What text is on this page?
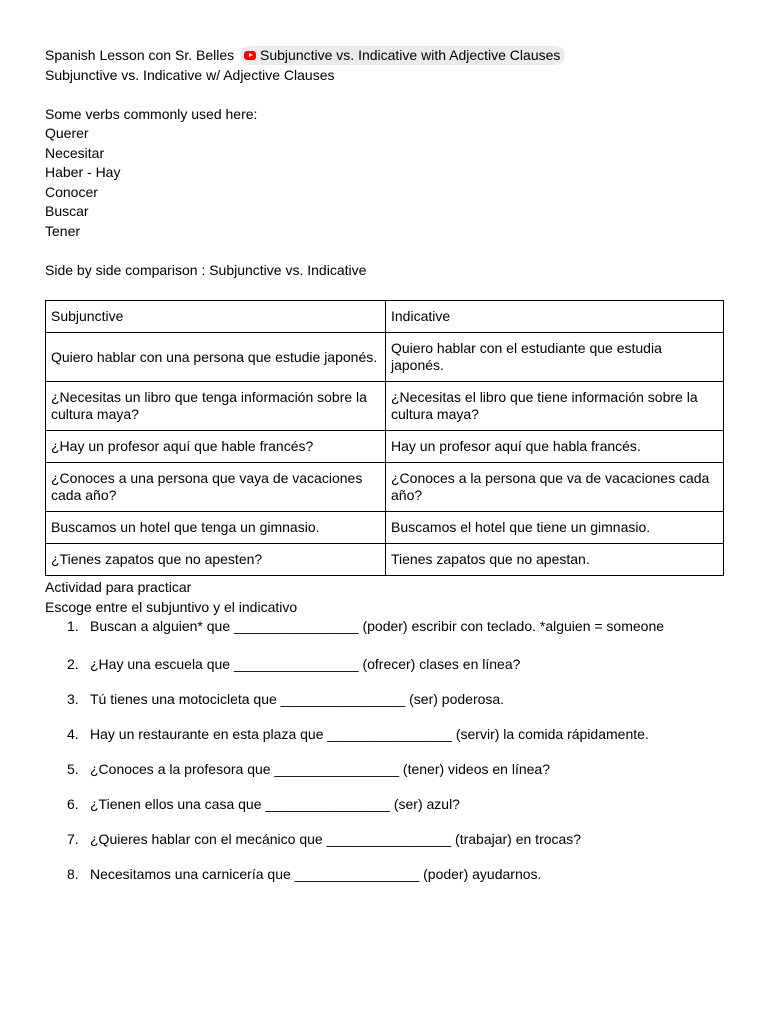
Spanish Lesson con Sr. Belles Subjunctive vs. Indicative with Adjective Clauses
Subjunctive vs. Indicative w/ Adjective Clauses
Some verbs commonly used here:
Querer
Necesitar
Haber - Hay
Conocer
Buscar
Tener
Side by side comparison : Subjunctive vs. Indicative
Subjunctive	Indicative
Quiero hablar con una persona que estudie japonés.	Quiero hablar con el estudiante que estudia japonés.
¿Necesitas un libro que tenga información sobre la cultura maya?	¿Necesitas el libro que tiene información sobre la cultura maya?
¿Hay un profesor aquí que hable francés?	Hay un profesor aquí que habla francés.
¿Conoces a una persona que vaya de vacaciones cada año?	¿Conoces a la persona que va de vacaciones cada año?
Buscamos un hotel que tenga un gimnasio.	Buscamos el hotel que tiene un gimnasio.
¿Tienes zapatos que no apesten?	Tienes zapatos que no apestan.
Actividad para practicar
Escoge entre el subjuntivo y el indicativo
1. Buscan a alguien* que ________________ (poder) escribir con teclado. *alguien = someone
2. ¿Hay una escuela que ________________ (ofrecer) clases en línea?
3. Tú tienes una motocicleta que ________________ (ser) poderosa.
4. Hay un restaurante en esta plaza que ________________ (servir) la comida rápidamente.
5. ¿Conoces a la profesora que ________________ (tener) videos en línea?
6. ¿Tienen ellos una casa que ________________ (ser) azul?
7. ¿Quieres hablar con el mecánico que ________________ (trabajar) en trocas?
8. Necesitamos una carnicería que ________________ (poder) ayudarnos.
